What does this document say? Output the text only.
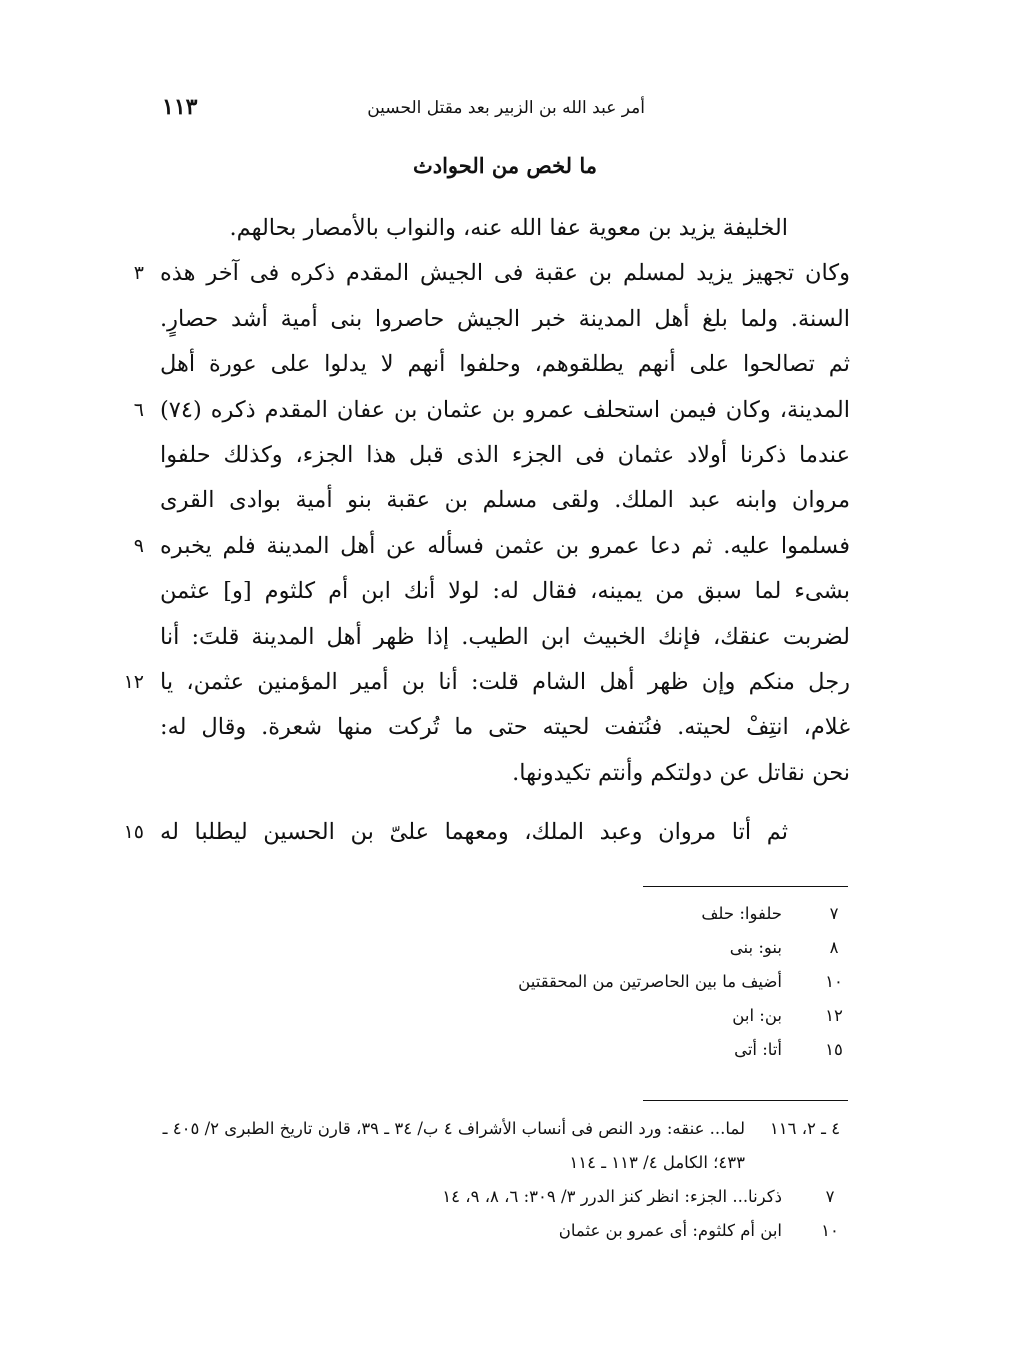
أمر عبد الله بن الزبير بعد مقتل الحسين
١١٣
ما لخص من الحوادث
الخليفة يزيد بن معوية عفا الله عنه، والنواب بالأمصار بحالهم.
وكان تجهيز يزيد لمسلم بن عقبة فى الجيش المقدم ذكره فى آخر هذه
٣
السنة. ولما بلغ أهل المدينة خبر الجيش حاصروا بنى أمية أشد حصارٍ.
ثم تصالحوا على أنهم يطلقوهم، وحلفوا أنهم لا يدلوا على عورة أهل
المدينة، وكان فيمن استحلف عمرو بن عثمان بن عفان المقدم ذكره (٧٤)
٦
عندما ذكرنا أولاد عثمان فى الجزء الذى قبل هذا الجزء، وكذلك حلفوا
مروان وابنه عبد الملك. ولقى مسلم بن عقبة بنو أمية بوادى القرى
فسلموا عليه. ثم دعا عمرو بن عثمن فسأله عن أهل المدينة فلم يخبره
٩
بشىء لما سبق من يمينه، فقال له: لولا أنك ابن أم كلثوم [و] عثمن
لضربت عنقك، فإنك الخبيث ابن الطيب. إذا ظهر أهل المدينة قلتَ: أنا
رجل منكم وإن ظهر أهل الشام قلت: أنا بن أمير المؤمنين عثمن، يا
١٢
غلام، انتِفْ لحيته. فنُتفت لحيته حتى ما تُركت منها شعرة. وقال له:
نحن نقاتل عن دولتكم وأنتم تكيدونها.
ثم أتا مروان وعبد الملك، ومعهما علىّ بن الحسين ليطلبا له
١٥
٧
حلفوا: حلف
٨
بنو: بنى
١٠
أضيف ما بين الحاصرتين من المحققتين
١٢
بن: ابن
١٥
أتا: أتى
٤ ـ ٢، ١١٦
لما... عنقه: ورد النص فى أنساب الأشراف ٤ ب/ ٣٤ ـ ٣٩، قارن تاريخ الطبرى ٢/ ٤٠٥ ـ ٤٣٣؛ الكامل ٤/ ١١٣ ـ ١١٤
٧
ذكرنا... الجزء: انظر كنز الدرر ٣/ ٣٠٩: ٦، ٨، ٩، ١٤
١٠
ابن أم كلثوم: أى عمرو بن عثمان
